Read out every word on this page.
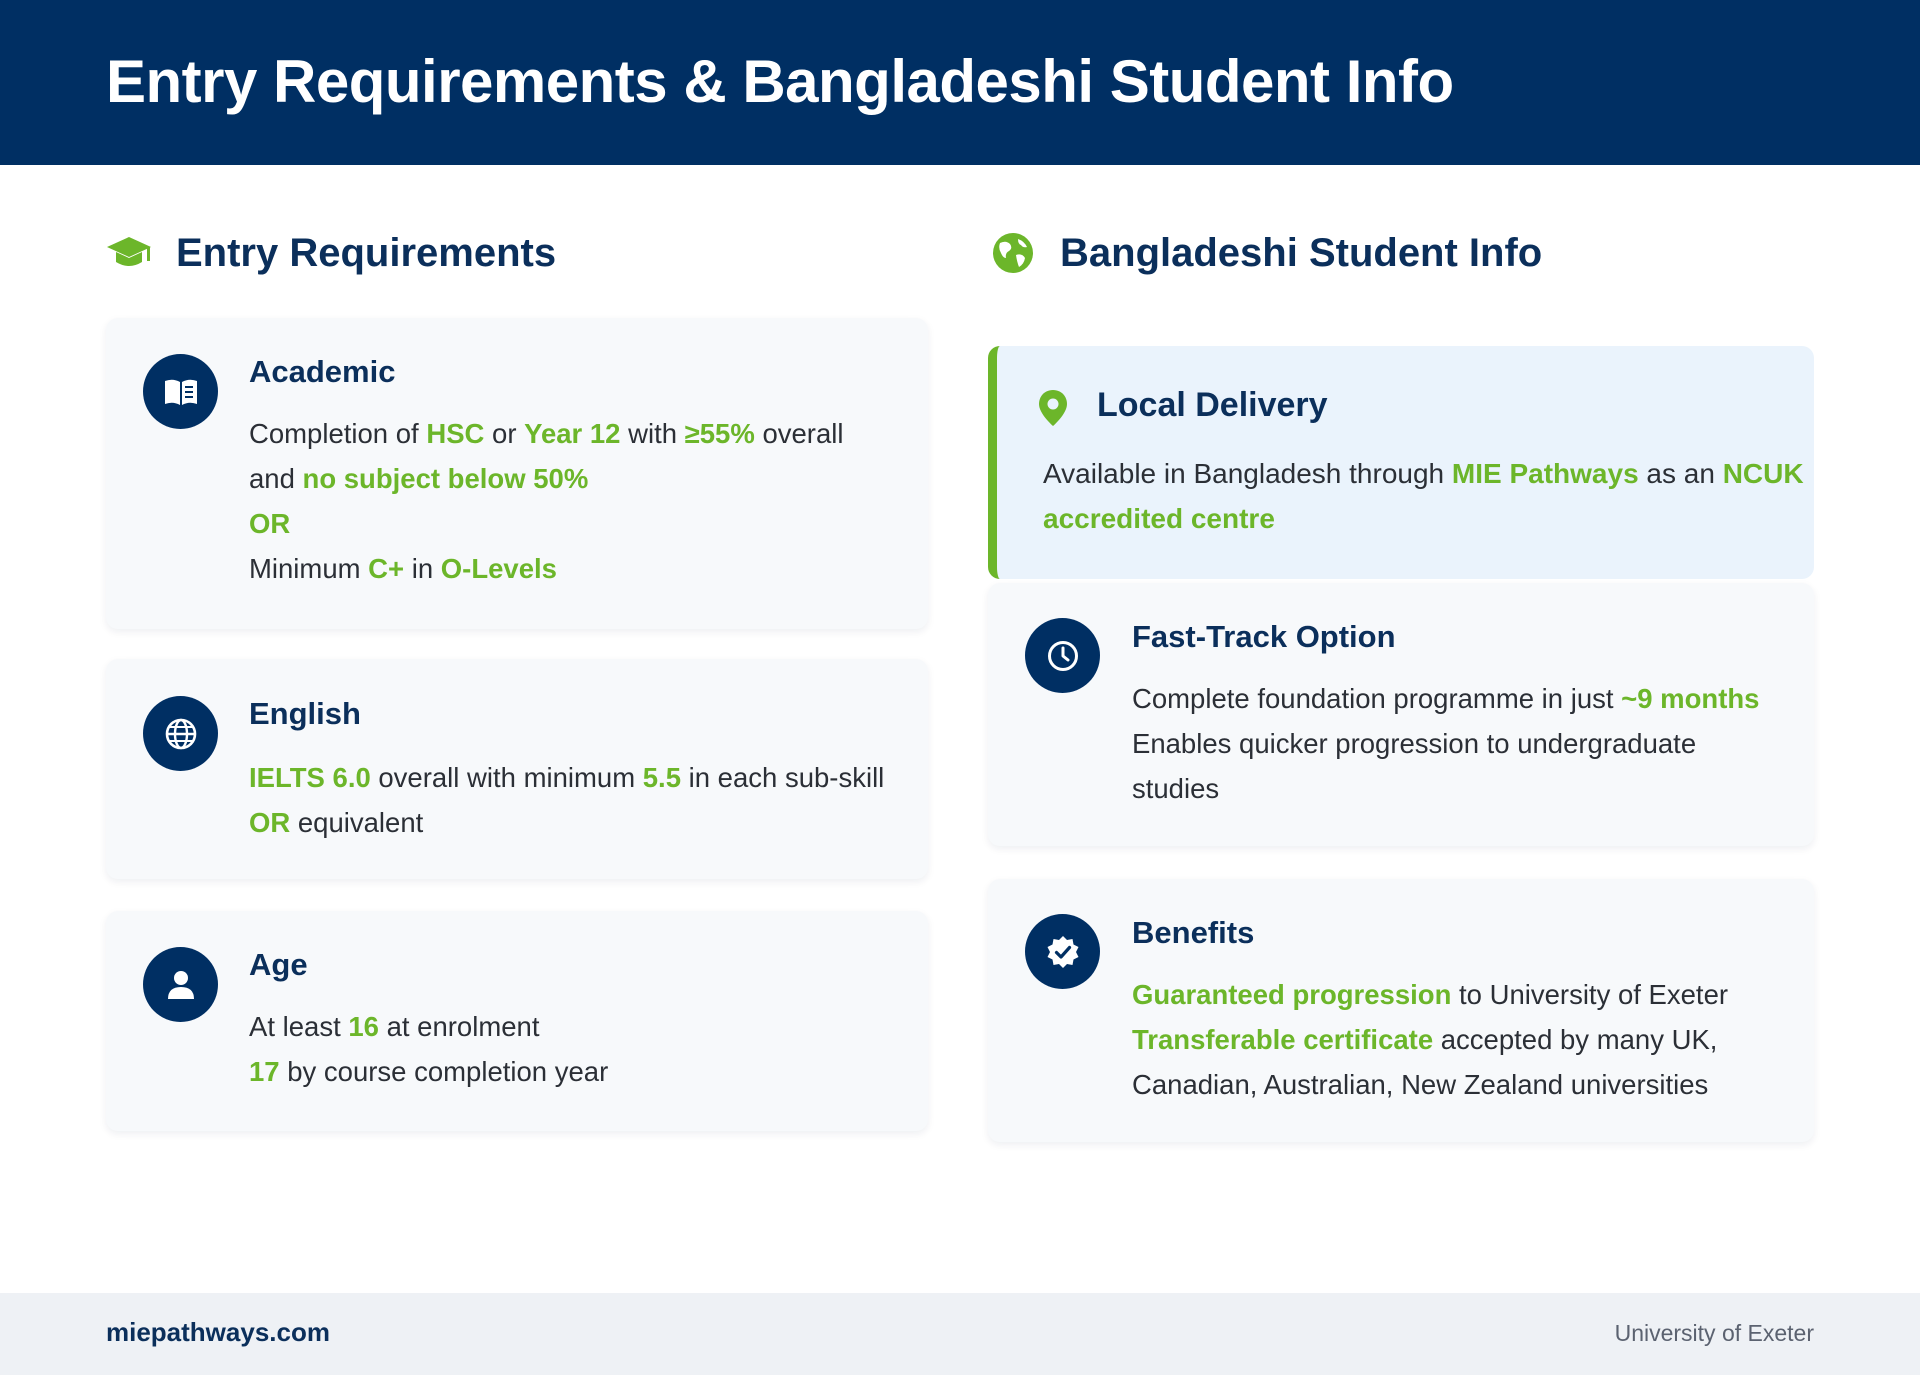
Entry Requirements & Bangladeshi Student Info
Entry Requirements	Bangladeshi Student Info
Academic
Completion of HSC or Year 12 with ≥55% overall
and no subject below 50%
OR
Minimum C+ in O-Levels
English
IELTS 6.0 overall with minimum 5.5 in each sub-skill
OR equivalent
Age
At least 16 at enrolment
17 by course completion year
Local Delivery
Available in Bangladesh through MIE Pathways as an NCUK
accredited centre
Fast-Track Option
Complete foundation programme in just ~9 months
Enables quicker progression to undergraduate
studies
Benefits
Guaranteed progression to University of Exeter
Transferable certificate accepted by many UK,
Canadian, Australian, New Zealand universities
miepathways.com	University of Exeter
